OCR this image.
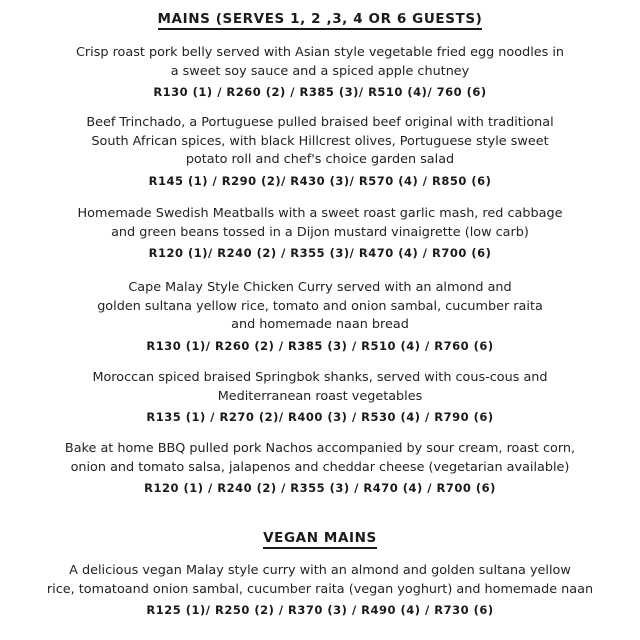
MAINS (SERVES 1, 2 ,3, 4 OR 6 GUESTS)
Crisp roast pork belly served with Asian style vegetable fried egg noodles in
a sweet soy sauce and a spiced apple chutney
R130 (1) / R260 (2) / R385 (3)/ R510 (4)/ 760 (6)
Beef Trinchado, a Portuguese pulled braised beef original with traditional
South African spices, with black Hillcrest olives, Portuguese style sweet
potato roll and chef's choice garden salad
R145 (1) / R290 (2)/ R430 (3)/ R570 (4) / R850 (6)
Homemade Swedish Meatballs with a sweet roast garlic mash, red cabbage
and green beans tossed in a Dijon mustard vinaigrette (low carb)
R120 (1)/ R240 (2) / R355 (3)/ R470 (4) / R700 (6)
Cape Malay Style Chicken Curry served with an almond and
golden sultana yellow rice, tomato and onion sambal, cucumber raita
and homemade naan bread
R130 (1)/ R260 (2) / R385 (3) / R510 (4) / R760 (6)
Moroccan spiced braised Springbok shanks, served with cous-cous and
Mediterranean roast vegetables
R135 (1) / R270 (2)/ R400 (3) / R530 (4) / R790 (6)
Bake at home BBQ pulled pork Nachos accompanied by sour cream, roast corn,
onion and tomato salsa, jalapenos and cheddar cheese (vegetarian available)
R120 (1) / R240 (2) / R355 (3) / R470 (4) / R700 (6)
VEGAN MAINS
A delicious vegan Malay style curry with an almond and golden sultana yellow
rice, tomatoand onion sambal, cucumber raita (vegan yoghurt) and homemade naan
R125 (1)/ R250 (2) / R370 (3) / R490 (4) / R730 (6)
